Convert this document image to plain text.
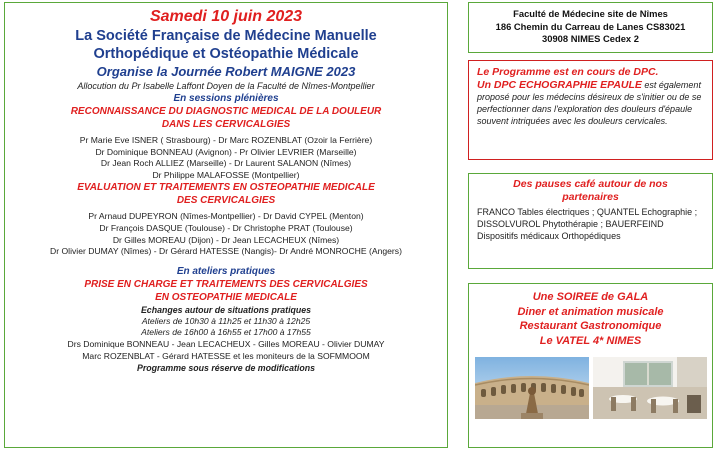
Samedi 10 juin 2023
La Société Française de Médecine Manuelle
Orthopédique et Ostéopathie Médicale
Organise la Journée Robert MAIGNE 2023
Allocution du Pr Isabelle Laffont Doyen de la Faculté de Nîmes-Montpellier
En sessions plénières
RECONNAISSANCE DU DIAGNOSTIC MEDICAL DE LA DOULEUR
DANS LES CERVICALGIES
Pr Marie Eve ISNER ( Strasbourg) - Dr Marc ROZENBLAT (Ozoir la Ferrière)
Dr Dominique BONNEAU (Avignon) - Pr Olivier LEVRIER (Marseille)
Dr Jean Roch ALLIEZ (Marseille) - Dr Laurent SALANON (Nîmes)
Dr Philippe MALAFOSSE (Montpellier)
EVALUATION ET TRAITEMENTS EN OSTEOPATHIE MEDICALE
DES CERVICALGIES
Pr Arnaud DUPEYRON (Nîmes-Montpellier) - Dr David CYPEL (Menton)
Dr François DASQUE (Toulouse) - Dr Christophe PRAT (Toulouse)
Dr Gilles MOREAU (Dijon) - Dr Jean LECACHEUX (Nîmes)
Dr Olivier DUMAY (Nîmes) - Dr Gérard HATESSE (Nangis)- Dr André MONROCHE (Angers)
En ateliers pratiques
PRISE EN CHARGE ET TRAITEMENTS DES CERVICALGIES
EN OSTEOPATHIE MEDICALE
Echanges autour de situations pratiques
Ateliers de 10h30 à 11h25 et 11h30 à 12h25
Ateliers de 16h00 à 16h55 et 17h00 à 17h55
Drs Dominique BONNEAU - Jean LECACHEUX - Gilles MOREAU - Olivier DUMAY
Marc ROZENBLAT - Gérard HATESSE et les moniteurs de la SOFMMOOM
Programme sous réserve de modifications
Faculté de Médecine site de Nîmes
186 Chemin du Carreau de Lanes CS83021
30908 NIMES Cedex 2
Le Programme est en cours de DPC.
Un DPC ECHOGRAPHIE EPAULE est également proposé pour les médecins désireux de s'initier ou de se perfectionner dans l'exploration des douleurs d'épaule souvent intriquées avec les douleurs cervicales.
Des pauses café autour de nos
partenaires
FRANCO Tables électriques ; QUANTEL Echographie ; DISSOLVUROL Phytothérapie ; BAUERFEIND Dispositifs médicaux Orthopédiques
Une SOIREE de GALA
Diner et animation musicale
Restaurant Gastronomique
Le VATEL 4* NIMES
